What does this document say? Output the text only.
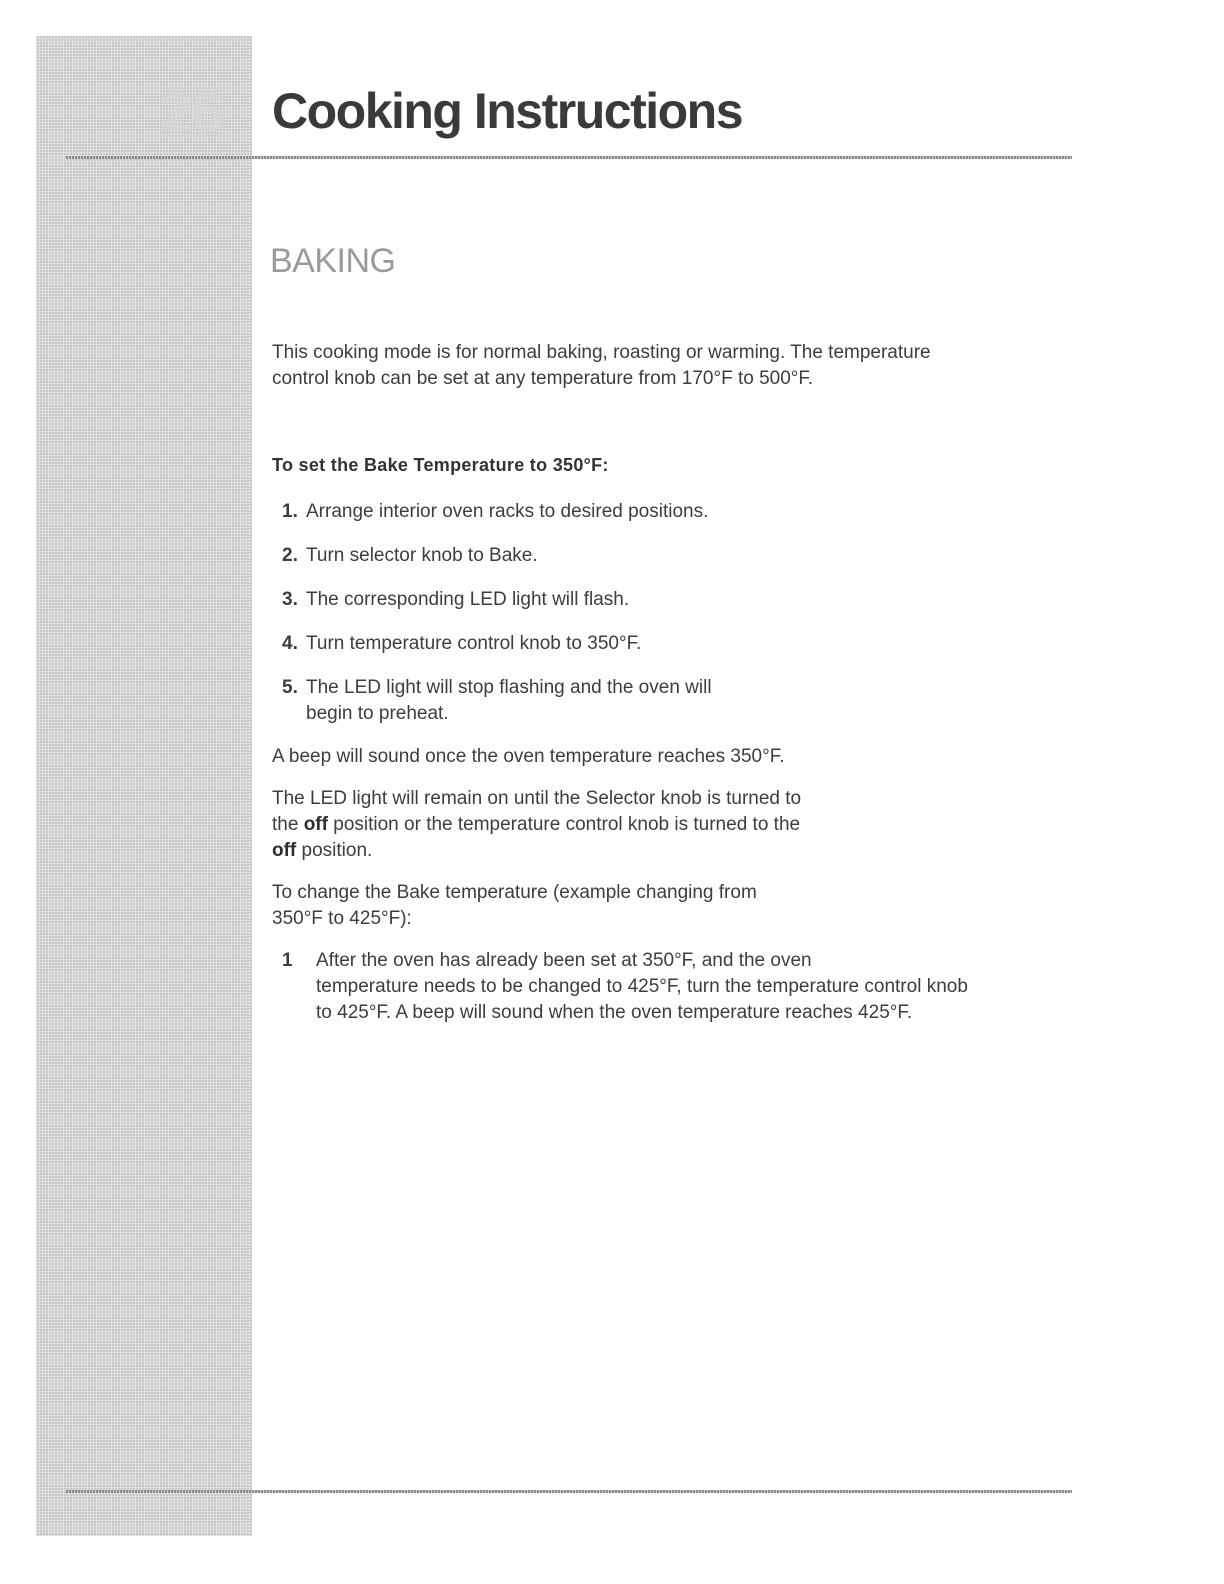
26 Cooking Instructions
BAKING

This cooking mode is for normal baking, roasting or warming. The temperature
control knob can be set at any temperature from 170°F to 500°F.

To set the Bake Temperature to 350°F:
1. Arrange interior oven racks to desired positions.
2. Turn selector knob to Bake.
3. The corresponding LED light will flash.
4. Turn temperature control knob to 350°F.
5. The LED light will stop flashing and the oven will
begin to preheat.

A beep will sound once the oven temperature reaches 350°F.

The LED light will remain on until the Selector knob is turned to
the off position or the temperature control knob is turned to the
off position.

To change the Bake temperature (example changing from
350°F to 425°F):

1 After the oven has already been set at 350°F, and the oven
temperature needs to be changed to 425°F, turn the temperature control knob
to 425°F. A beep will sound when the oven temperature reaches 425°F.
